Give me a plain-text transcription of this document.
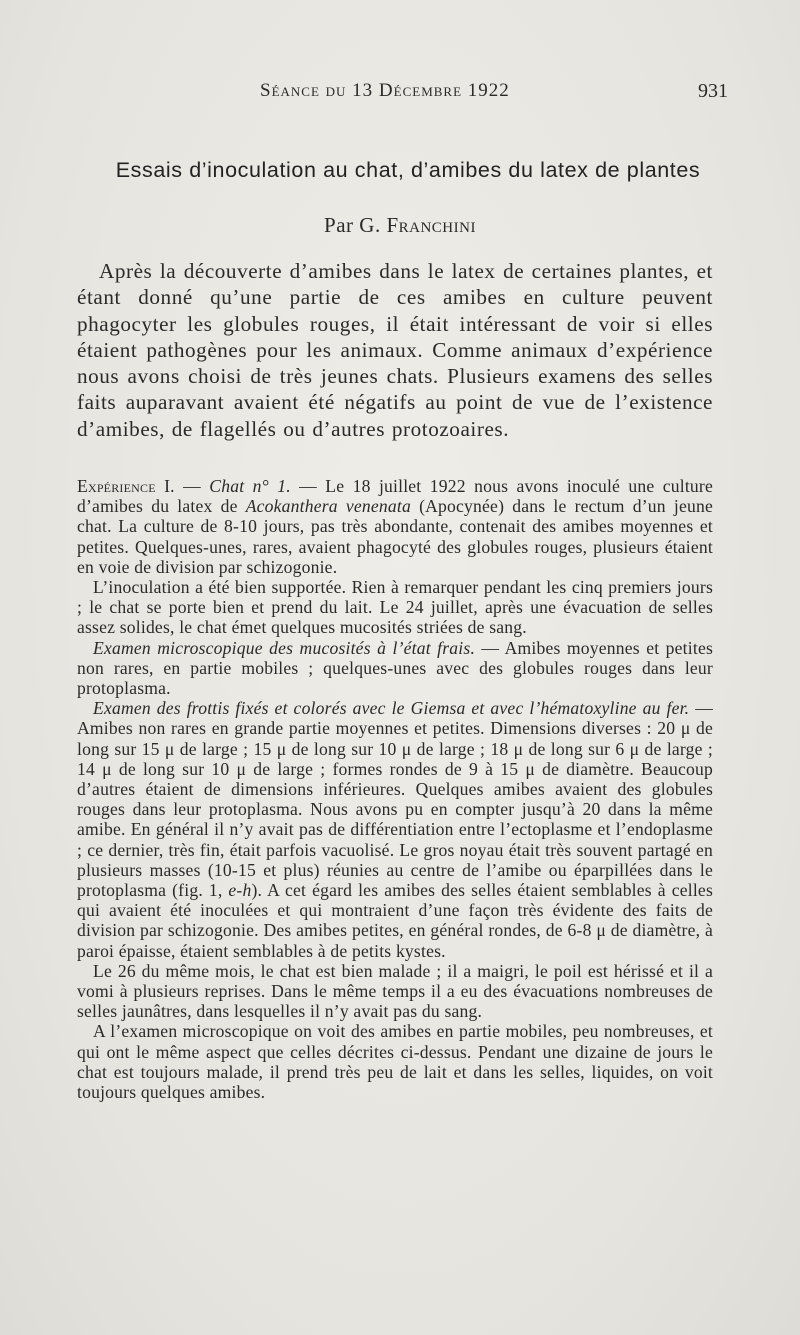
Séance du 13 Décembre 1922	931
Essais d’inoculation au chat, d’amibes du latex de plantes
Par G. Franchini

Après la découverte d’amibes dans le latex de certaines plantes, et étant donné qu’une partie de ces amibes en culture peuvent phagocyter les globules rouges, il était intéressant de voir si elles étaient pathogènes pour les animaux. Comme animaux d’expérience nous avons choisi de très jeunes chats. Plusieurs examens des selles faits auparavant avaient été négatifs au point de vue de l’existence d’amibes, de flagellés ou d’autres protozoaires.

Expérience I. — Chat n° 1. — Le 18 juillet 1922 nous avons inoculé une culture d’amibes du latex de Acokanthera venenata (Apocynée) dans le rectum d’un jeune chat. La culture de 8-10 jours, pas très abondante, contenait des amibes moyennes et petites. Quelques-unes, rares, avaient phagocyté des globules rouges, plusieurs étaient en voie de division par schizogonie.

L’inoculation a été bien supportée. Rien à remarquer pendant les cinq premiers jours ; le chat se porte bien et prend du lait. Le 24 juillet, après une évacuation de selles assez solides, le chat émet quelques mucosités striées de sang.

Examen microscopique des mucosités à l’état frais. — Amibes moyennes et petites non rares, en partie mobiles ; quelques-unes avec des globules rouges dans leur protoplasma.

Examen des frottis fixés et colorés avec le Giemsa et avec l’hématoxyline au fer. — Amibes non rares en grande partie moyennes et petites. Dimensions diverses : 20 μ de long sur 15 μ de large ; 15 μ de long sur 10 μ de large ; 18 μ de long sur 6 μ de large ; 14 μ de long sur 10 μ de large ; formes rondes de 9 à 15 μ de diamètre. Beaucoup d’autres étaient de dimensions inférieures. Quelques amibes avaient des globules rouges dans leur protoplasma. Nous avons pu en compter jusqu’à 20 dans la même amibe. En général il n’y avait pas de différentiation entre l’ectoplasme et l’endoplasme ; ce dernier, très fin, était parfois vacuolisé. Le gros noyau était très souvent partagé en plusieurs masses (10-15 et plus) réunies au centre de l’amibe ou éparpillées dans le protoplasma (fig. 1, e-h). A cet égard les amibes des selles étaient semblables à celles qui avaient été inoculées et qui montraient d’une façon très évidente des faits de division par schizogonie. Des amibes petites, en général rondes, de 6-8 μ de diamètre, à paroi épaisse, étaient semblables à de petits kystes.

Le 26 du même mois, le chat est bien malade ; il a maigri, le poil est hérissé et il a vomi à plusieurs reprises. Dans le même temps il a eu des évacuations nombreuses de selles jaunâtres, dans lesquelles il n’y avait pas du sang.

A l’examen microscopique on voit des amibes en partie mobiles, peu nombreuses, et qui ont le même aspect que celles décrites ci-dessus. Pendant une dizaine de jours le chat est toujours malade, il prend très peu de lait et dans les selles, liquides, on voit toujours quelques amibes.
